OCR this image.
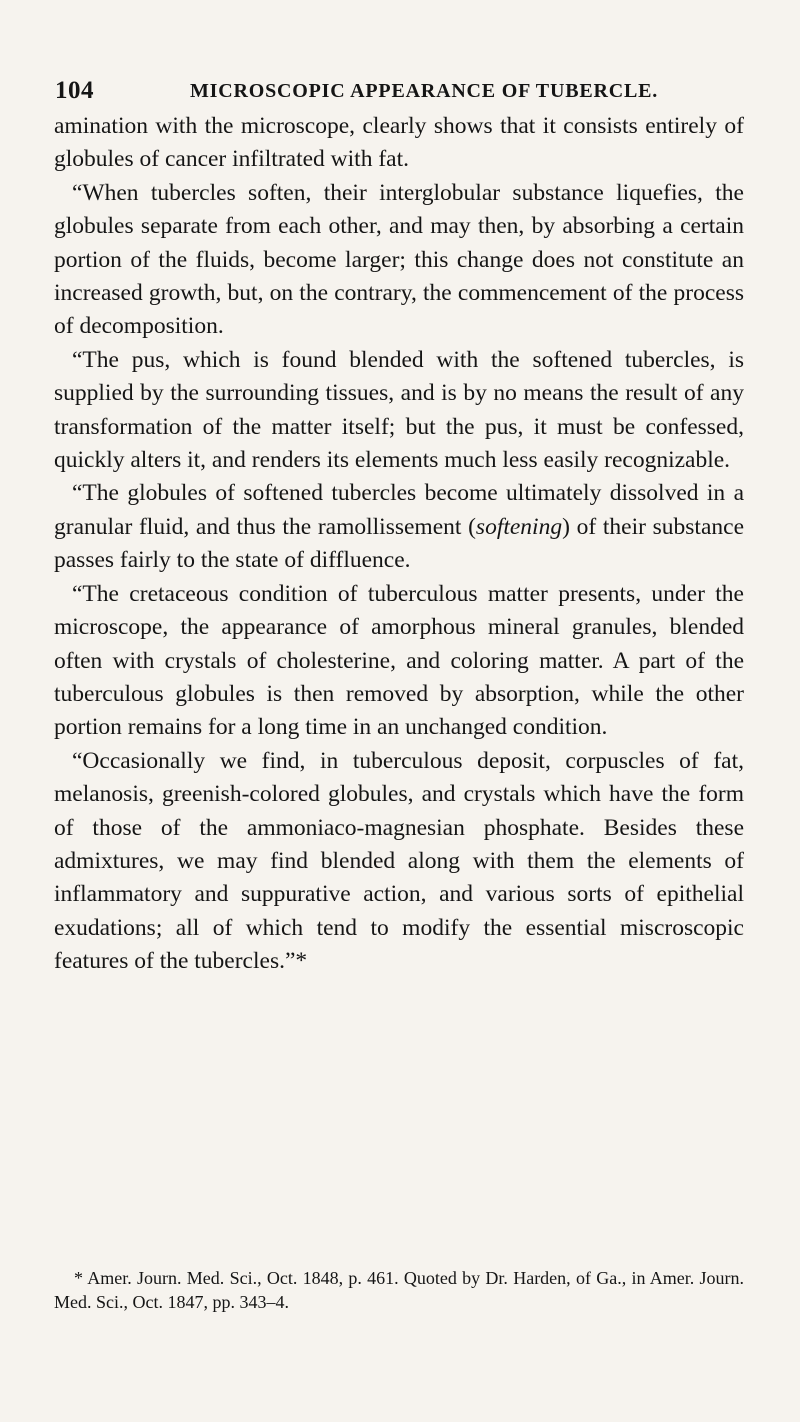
104	MICROSCOPIC APPEARANCE OF TUBERCLE.

amination with the microscope, clearly shows that it consists entirely of globules of cancer infiltrated with fat.

“When tubercles soften, their interglobular substance liquefies, the globules separate from each other, and may then, by absorbing a certain portion of the fluids, become larger; this change does not constitute an increased growth, but, on the contrary, the commencement of the process of decomposition.

“The pus, which is found blended with the softened tubercles, is supplied by the surrounding tissues, and is by no means the result of any transformation of the matter itself; but the pus, it must be confessed, quickly alters it, and renders its elements much less easily recognizable.

“The globules of softened tubercles become ultimately dissolved in a granular fluid, and thus the ramollissement (softening) of their substance passes fairly to the state of diffluence.

“The cretaceous condition of tuberculous matter presents, under the microscope, the appearance of amorphous mineral granules, blended often with crystals of cholesterine, and coloring matter. A part of the tuberculous globules is then removed by absorption, while the other portion remains for a long time in an unchanged condition.

“Occasionally we find, in tuberculous deposit, corpuscles of fat, melanosis, greenish-colored globules, and crystals which have the form of those of the ammoniaco-magnesian phosphate. Besides these admixtures, we may find blended along with them the elements of inflammatory and suppurative action, and various sorts of epithelial exudations; all of which tend to modify the essential miscroscopic features of the tubercles.”*

* Amer. Journ. Med. Sci., Oct. 1848, p. 461. Quoted by Dr. Harden, of Ga., in Amer. Journ. Med. Sci., Oct. 1847, pp. 343–4.
